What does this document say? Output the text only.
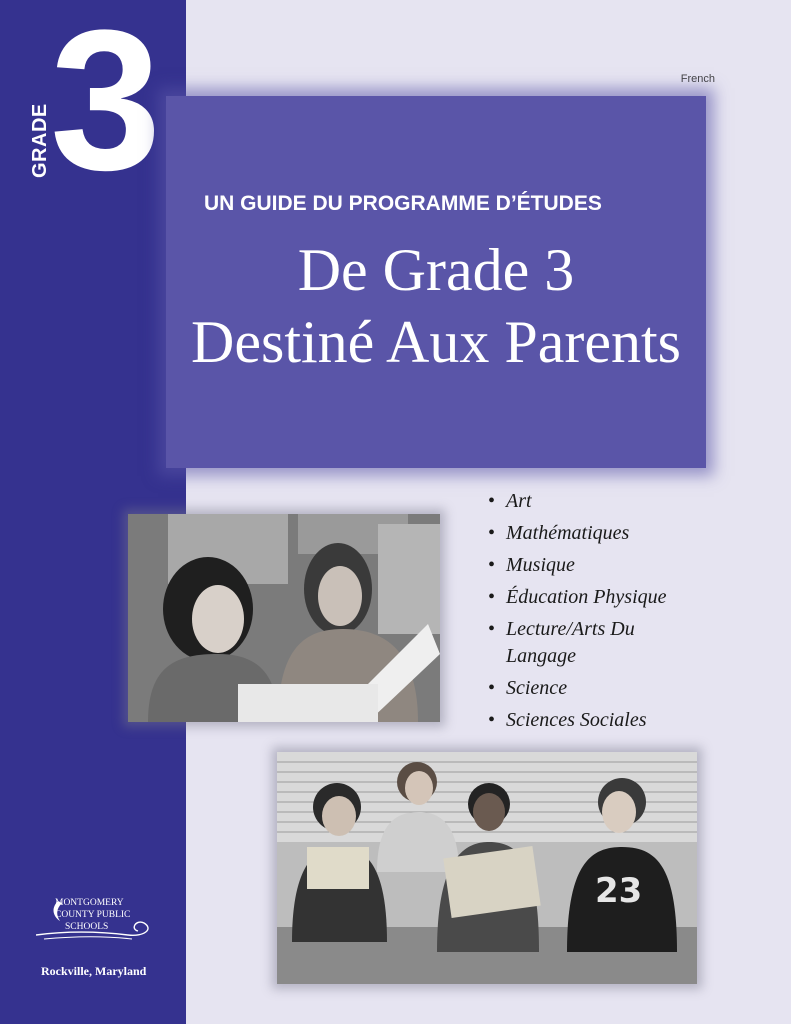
GRADE 3
MONTGOMERY
COUNTY PUBLIC
SCHOOLS
Rockville, Maryland
French
UN GUIDE DU PROGRAMME D’ÉTUDES
De Grade 3
Destiné Aux Parents
23
• Art
• Mathématiques
• Musique
• Éducation Physique
• Lecture/Arts Du Langage
• Science
• Sciences Sociales
